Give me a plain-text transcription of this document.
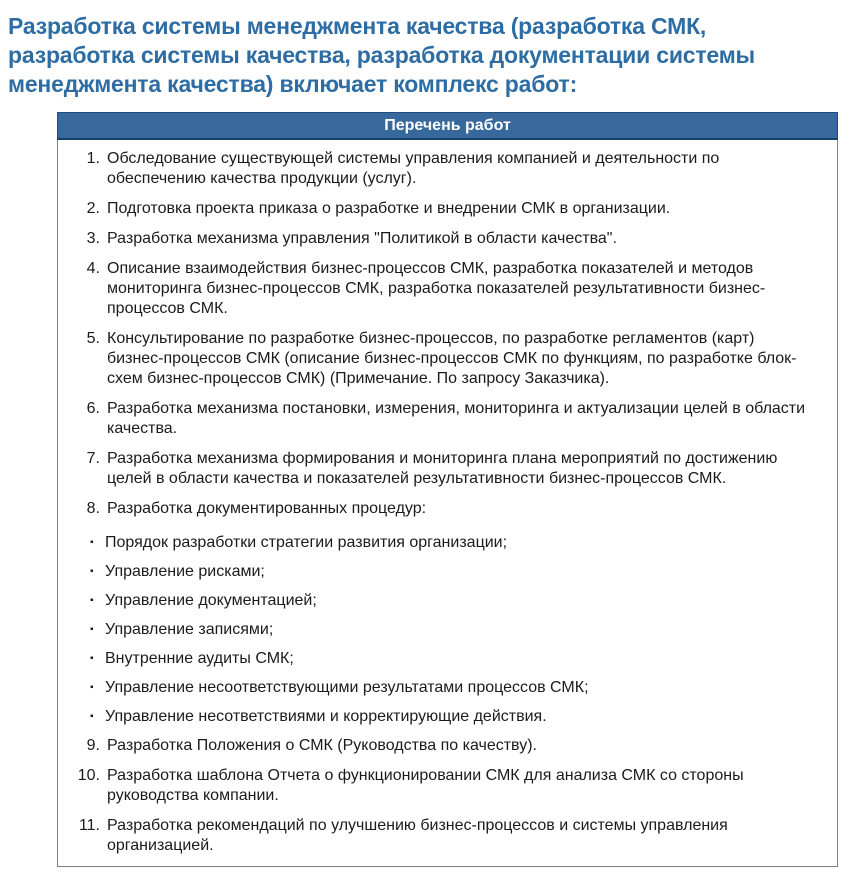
Разработка системы менеджмента качества (разработка СМК,
разработка системы качества, разработка документации системы
менеджмента качества) включает комплекс работ:
Перечень работ
1. Обследование существующей системы управления компанией и деятельности по обеспечению качества продукции (услуг).
2. Подготовка проекта приказа о разработке и внедрении СМК в организации.
3. Разработка механизма управления "Политикой в области качества".
4. Описание взаимодействия бизнес-процессов СМК, разработка показателей и методов мониторинга бизнес-процессов СМК, разработка показателей результативности бизнес-процессов СМК.
5. Консультирование по разработке бизнес-процессов, по разработке регламентов (карт) бизнес-процессов СМК (описание бизнес-процессов СМК по функциям, по разработке блок-схем бизнес-процессов СМК) (Примечание. По запросу Заказчика).
6. Разработка механизма постановки, измерения, мониторинга и актуализации целей в области качества.
7. Разработка механизма формирования и мониторинга плана мероприятий по достижению целей в области качества и показателей результативности бизнес-процессов СМК.
8. Разработка документированных процедур:
▪ Порядок разработки стратегии развития организации;
▪ Управление рисками;
▪ Управление документацией;
▪ Управление записями;
▪ Внутренние аудиты СМК;
▪ Управление несоответствующими результатами процессов СМК;
▪ Управление несответствиями и корректирующие действия.
9. Разработка Положения о СМК (Руководства по качеству).
10. Разработка шаблона Отчета о функционировании СМК для анализа СМК со стороны руководства компании.
11. Разработка рекомендаций по улучшению бизнес-процессов и системы управления организацией.
